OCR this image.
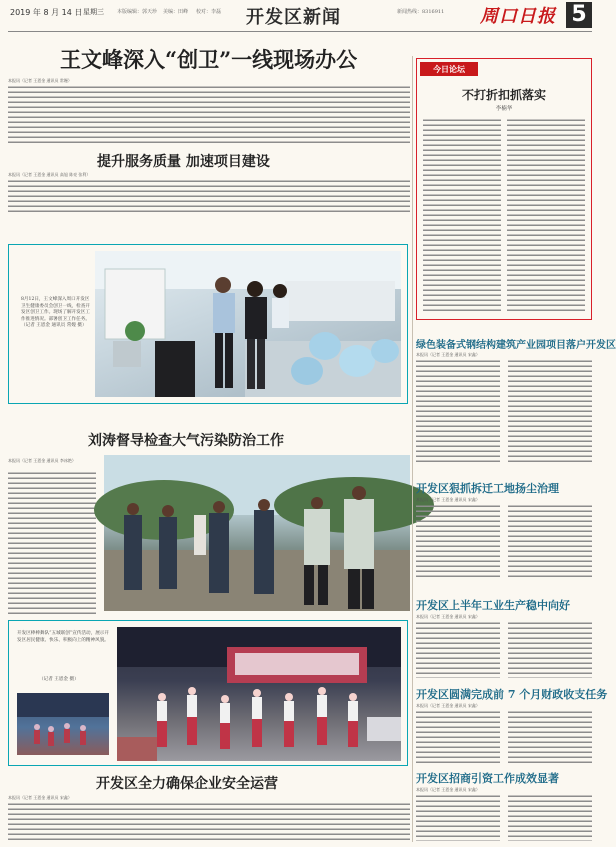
2019 年 8 月 14 日 星期三	本版编辑：郭天珍 美编：田峰 校对：李磊 开发区新闻	新闻热线：8316911 周口日报 5
王文峰深入“创卫”一线现场办公
本报讯（记者 王恩金 通讯员 常嫚）
提升服务质量 加速项目建设
本报讯（记者 王恩金 通讯员 高旭 陈亮 张利）
8月12日，王文峰深入周口开发区卫生健康委员会创卫一线，检查开发区创卫工作。现场了解开发区工作推进情况。部署创卫工作任务。（记者 王恩金 通讯员 常嫚 摄）
刘涛督导检查大气污染防治工作
本报讯（记者 王恩金 通讯员 李冰艳）
开发区棒棒舞队“五城联创”宣传活动，展示开发区居民健康、快乐、积极向上的精神风貌。
（记者 王恩金 摄）
开发区全力确保企业安全运营
本报讯（记者 王恩金 通讯员 宋鑫）
今日论坛
不打折扣抓落实
李楠华
绿色装备式钢结构建筑产业园项目落户开发区
本报讯（记者 王恩金 通讯员 宋鑫）
开发区狠抓拆迁工地扬尘治理
本报讯（记者 王恩金 通讯员 宋鑫）
开发区上半年工业生产稳中向好
本报讯（记者 王恩金 通讯员 宋鑫）
开发区圆满完成前 7 个月财政收支任务
本报讯（记者 王恩金 通讯员 宋鑫）
开发区招商引资工作成效显著
本报讯（记者 王恩金 通讯员 宋鑫）
